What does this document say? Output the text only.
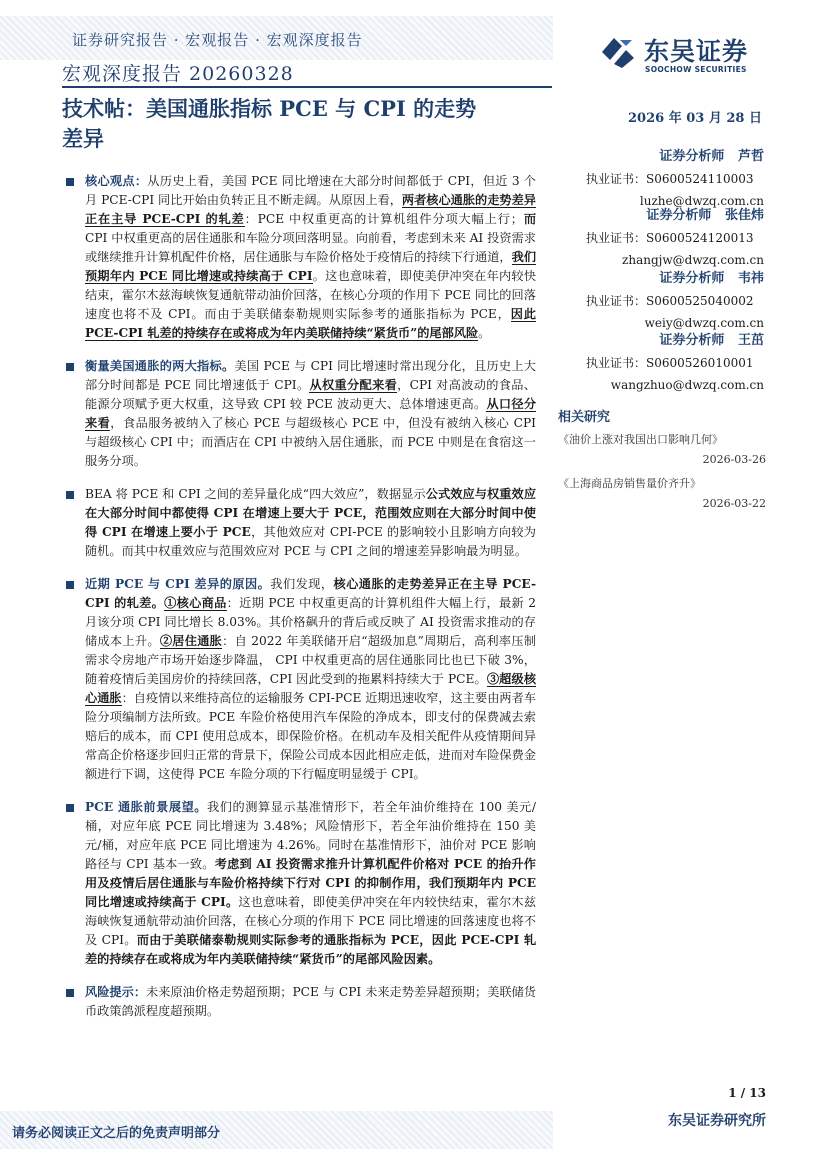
证券研究报告 · 宏观报告 · 宏观深度报告
宏观深度报告 20260328
东吴证券
SOOCHOW SECURITIES
技术帖：美国通胀指标 PCE 与 CPI 的走势
差异
2026 年 03 月 28 日
证券分析师 芦哲
执业证书：S0600524110003
luzhe@dwzq.com.cn
证券分析师 张佳炜
执业证书：S0600524120013
zhangjw@dwzq.com.cn
证券分析师 韦祎
执业证书：S0600525040002
weiy@dwzq.com.cn
证券分析师 王茁
执业证书：S0600526010001
wangzhuo@dwzq.com.cn
相关研究
《油价上涨对我国出口影响几何》
2026-03-26
《上海商品房销售量价齐升》
2026-03-22
核心观点：从历史上看，美国 PCE 同比增速在大部分时间都低于 CPI，但近 3 个月 PCE-CPI 同比开始由负转正且不断走阔。从原因上看，两者核心通胀的走势差异正在主导 PCE-CPI 的轧差：PCE 中权重更高的计算机组件分项大幅上行；而 CPI 中权重更高的居住通胀和车险分项回落明显。向前看，考虑到未来 AI 投资需求或继续推升计算机配件价格，居住通胀与车险价格处于疫情后的持续下行通道，我们预期年内 PCE 同比增速或持续高于 CPI。这也意味着，即使美伊冲突在年内较快结束，霍尔木兹海峡恢复通航带动油价回落，在核心分项的作用下 PCE 同比的回落速度也将不及 CPI。而由于美联储泰勒规则实际参考的通胀指标为 PCE，因此 PCE-CPI 轧差的持续存在或将成为年内美联储持续“紧货币”的尾部风险。
衡量美国通胀的两大指标。美国 PCE 与 CPI 同比增速时常出现分化，且历史上大部分时间都是 PCE 同比增速低于 CPI。从权重分配来看，CPI 对高波动的食品、能源分项赋予更大权重，这导致 CPI 较 PCE 波动更大、总体增速更高。从口径分来看，食品服务被纳入了核心 PCE 与超级核心 PCE 中，但没有被纳入核心 CPI 与超级核心 CPI 中；而酒店在 CPI 中被纳入居住通胀，而 PCE 中则是在食宿这一服务分项。
BEA 将 PCE 和 CPI 之间的差异量化成“四大效应”，数据显示公式效应与权重效应在大部分时间中都使得 CPI 在增速上要大于 PCE，范围效应则在大部分时间中使得 CPI 在增速上要小于 PCE，其他效应对 CPI-PCE 的影响较小且影响方向较为随机。而其中权重效应与范围效应对 PCE 与 CPI 之间的增速差异影响最为明显。
近期 PCE 与 CPI 差异的原因。我们发现，核心通胀的走势差异正在主导 PCE-CPI 的轧差。①核心商品：近期 PCE 中权重更高的计算机组件大幅上行，最新 2 月该分项 CPI 同比增长 8.03%。其价格飙升的背后或反映了 AI 投资需求推动的存储成本上升。②居住通胀：自 2022 年美联储开启“超级加息”周期后，高利率压制需求令房地产市场开始逐步降温， CPI 中权重更高的居住通胀同比也已下破 3%，随着疫情后美国房价的持续回落，CPI 因此受到的拖累料持续大于 PCE。③超级核心通胀：自疫情以来维持高位的运输服务 CPI-PCE 近期迅速收窄，这主要由两者车险分项编制方法所致。PCE 车险价格使用汽车保险的净成本，即支付的保费减去索赔后的成本，而 CPI 使用总成本，即保险价格。在机动车及相关配件从疫情期间异常高企价格逐步回归正常的背景下，保险公司成本因此相应走低，进而对车险保费金额进行下调，这使得 PCE 车险分项的下行幅度明显缓于 CPI。
PCE 通胀前景展望。我们的测算显示基准情形下，若全年油价维持在 100 美元/桶，对应年底 PCE 同比增速为 3.48%；风险情形下，若全年油价维持在 150 美元/桶，对应年底 PCE 同比增速为 4.26%。同时在基准情形下，油价对 PCE 影响路径与 CPI 基本一致。考虑到 AI 投资需求推升计算机配件价格对 PCE 的抬升作用及疫情后居住通胀与车险价格持续下行对 CPI 的抑制作用，我们预期年内 PCE 同比增速或持续高于 CPI。这也意味着，即使美伊冲突在年内较快结束，霍尔木兹海峡恢复通航带动油价回落，在核心分项的作用下 PCE 同比增速的回落速度也将不及 CPI。而由于美联储泰勒规则实际参考的通胀指标为 PCE，因此 PCE-CPI 轧差的持续存在或将成为年内美联储持续“紧货币”的尾部风险因素。
风险提示：未来原油价格走势超预期；PCE 与 CPI 未来走势差异超预期；美联储货币政策鸽派程度超预期。
1 / 13
请务必阅读正文之后的免责声明部分
东吴证券研究所
